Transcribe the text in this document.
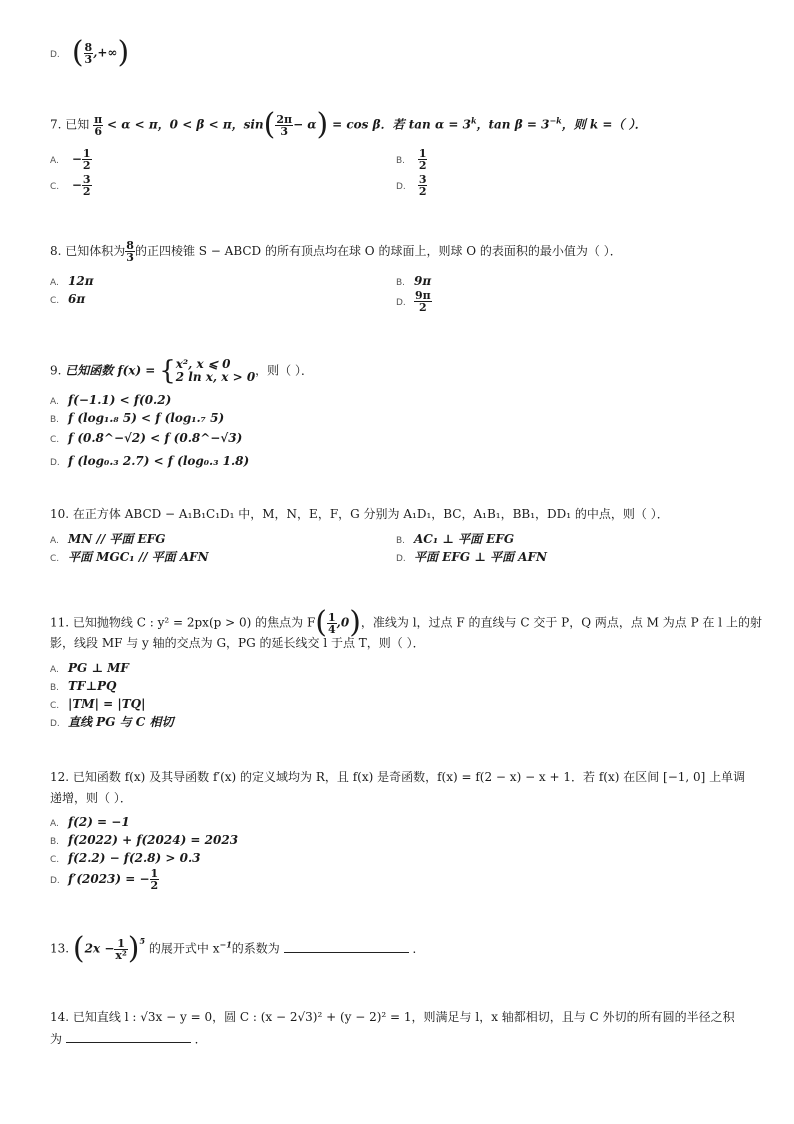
D. ( $\frac{8}{3}$ ,+∞)
7. 已知 $\frac{\pi}{6} < \alpha < \pi$，0 < β < π，$\sin( \frac{2\pi}{3} - \alpha) = \cos \beta$．若 $\tan \alpha = 3^k$，$\tan \beta = 3^{-k}$，则 k =（ ）．
A. − $\frac{1}{2}$	B. $\frac{1}{2}$
C. − $\frac{3}{2}$	D. $\frac{3}{2}$
8. 已知体积为 $\frac{8}{3}$ 的正四棱锥 S − ABCD 的所有顶点均在球 O 的球面上，则球 O 的表面积的最小值为（ ）．
A. 12π	B. 9π
C. 6π	D. $\frac{9\pi}{2}$
9. 已知函数 f(x) = { x², x ⩽ 0
2 ln x, x > 0 ，则（ ）．
A. f(−1.1) < f(0.2)
B. f (log₁.₈ 5) < f (log₁.₇ 5)
C. f (0.8^−√2) < f (0.8^−√3)
D. f (log₀.₃ 2.7) < f (log₀.₃ 1.8)
10. 在正方体 ABCD − A₁B₁C₁D₁ 中，M，N，E，F，G 分别为 A₁D₁，BC，A₁B₁，BB₁，DD₁ 的中点，则（ ）．
A. MN // 平面 EFG	B. AC₁ ⊥ 平面 EFG
C. 平面 MGC₁ // 平面 AFN	D. 平面 EFG ⊥ 平面 AFN
11. 已知抛物线 C : y² = 2px(p > 0) 的焦点为 $F( \frac{1}{4} ,0)$，准线为 l，过点 F 的直线与 C 交于 P，Q 两点，点 M 为点 P 在 l 上的射
影，线段 MF 与 y 轴的交点为 G，PG 的延长线交 l 于点 T，则（ ）．
A. PG ⊥ MF
B. TF⊥PQ
C. |TM| = |TQ|
D. 直线 PG 与 C 相切
12. 已知函数 f(x) 及其导函数 f′(x) 的定义域均为 R，且 f(x) 是奇函数，f(x) = f(2 − x) − x + 1．若 f(x) 在区间 [−1, 0] 上单调
递增，则（ ）．
A. f(2) = −1
B. f(2022) + f(2024) = 2023
C. f(2.2) − f(2.8) > 0.3
D. f′(2023) = − $\frac{1}{2}$
13. $(2x - \frac{1}{\text{x²}} )^5$ 的展开式中 $x^{-1}$的系数为	．
14. 已知直线 l : √3x − y = 0，圆 C : (x − 2√3)² + (y − 2)² = 1，则满足与 l，x 轴都相切，且与 C 外切的所有圆的半径之积
为	．
